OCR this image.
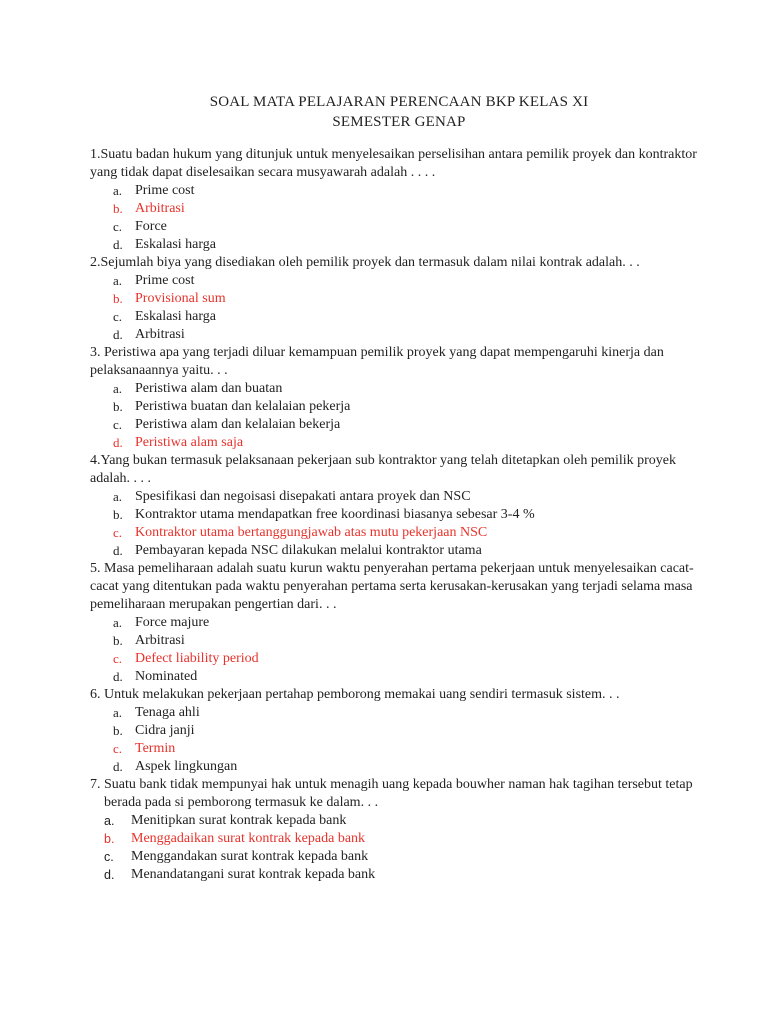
SOAL MATA PELAJARAN PERENCAAN BKP KELAS XI
SEMESTER GENAP

1.Suatu badan hukum yang ditunjuk untuk menyelesaikan perselisihan antara pemilik proyek dan kontraktor yang tidak dapat diselesaikan secara musyawarah adalah . . . .

a. Prime cost
b. Arbitrasi
c. Force
d. Eskalasi harga

2.Sejumlah biya yang disediakan oleh pemilik proyek dan termasuk dalam nilai kontrak adalah. . .

a. Prime cost
b. Provisional sum
c. Eskalasi harga
d. Arbitrasi

3. Peristiwa apa yang terjadi diluar kemampuan pemilik proyek yang dapat mempengaruhi kinerja dan pelaksanaannya yaitu. . .

a. Peristiwa alam dan buatan
b. Peristiwa buatan dan kelalaian pekerja
c. Peristiwa alam dan kelalaian bekerja
d. Peristiwa alam saja

4.Yang bukan termasuk pelaksanaan pekerjaan sub kontraktor yang telah ditetapkan oleh pemilik proyek adalah. . . .

a. Spesifikasi dan negoisasi disepakati antara proyek dan NSC
b. Kontraktor utama mendapatkan free koordinasi biasanya sebesar 3-4 %
c. Kontraktor utama bertanggungjawab atas mutu pekerjaan NSC
d. Pembayaran kepada NSC dilakukan melalui kontraktor utama

5. Masa pemeliharaan adalah suatu kurun waktu penyerahan pertama pekerjaan untuk menyelesaikan cacat-cacat yang ditentukan pada waktu penyerahan pertama serta kerusakan-kerusakan yang terjadi selama masa pemeliharaan merupakan pengertian dari. . .

a. Force majure
b. Arbitrasi
c. Defect liability period
d. Nominated

6. Untuk melakukan pekerjaan pertahap pemborong memakai uang sendiri termasuk sistem. . .

a. Tenaga ahli
b. Cidra janji
c. Termin
d. Aspek lingkungan

7. Suatu bank tidak mempunyai hak untuk menagih uang kepada bouwher naman hak tagihan tersebut tetap berada pada si pemborong termasuk ke dalam. . .

a.	Menitipkan surat kontrak kepada bank
b.	Menggadaikan surat kontrak kepada bank
c.	Menggandakan surat kontrak kepada bank
d.	Menandatangani surat kontrak kepada bank
